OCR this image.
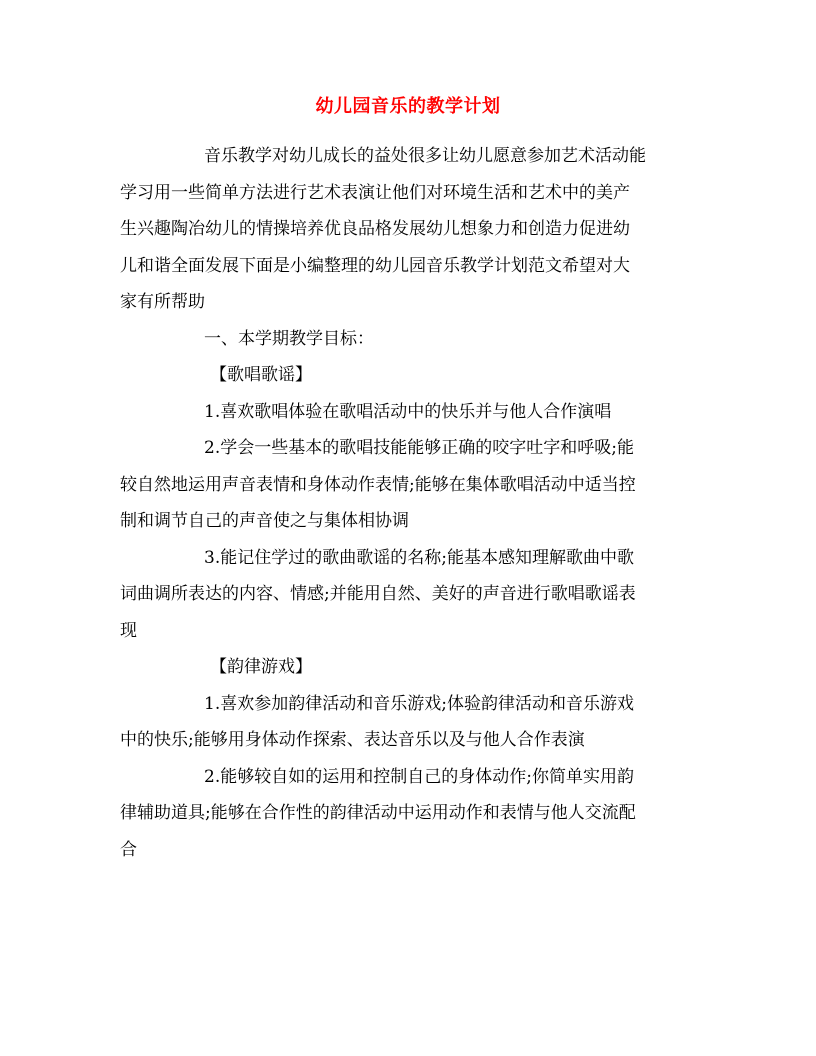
幼儿园音乐的教学计划

音乐教学对幼儿成长的益处很多让幼儿愿意参加艺术活动能
学习用一些简单方法进行艺术表演让他们对环境生活和艺术中的美产
生兴趣陶冶幼儿的情操培养优良品格发展幼儿想象力和创造力促进幼
儿和谐全面发展下面是小编整理的幼儿园音乐教学计划范文希望对大
家有所帮助

一、本学期教学目标：

【歌唱歌谣】

1.喜欢歌唱体验在歌唱活动中的快乐并与他人合作演唱

2.学会一些基本的歌唱技能能够正确的咬字吐字和呼吸;能
较自然地运用声音表情和身体动作表情;能够在集体歌唱活动中适当控
制和调节自己的声音使之与集体相协调

3.能记住学过的歌曲歌谣的名称;能基本感知理解歌曲中歌
词曲调所表达的内容、情感;并能用自然、美好的声音进行歌唱歌谣表
现

【韵律游戏】

1.喜欢参加韵律活动和音乐游戏;体验韵律活动和音乐游戏
中的快乐;能够用身体动作探索、表达音乐以及与他人合作表演

2.能够较自如的运用和控制自己的身体动作;你简单实用韵
律辅助道具;能够在合作性的韵律活动中运用动作和表情与他人交流配
合
